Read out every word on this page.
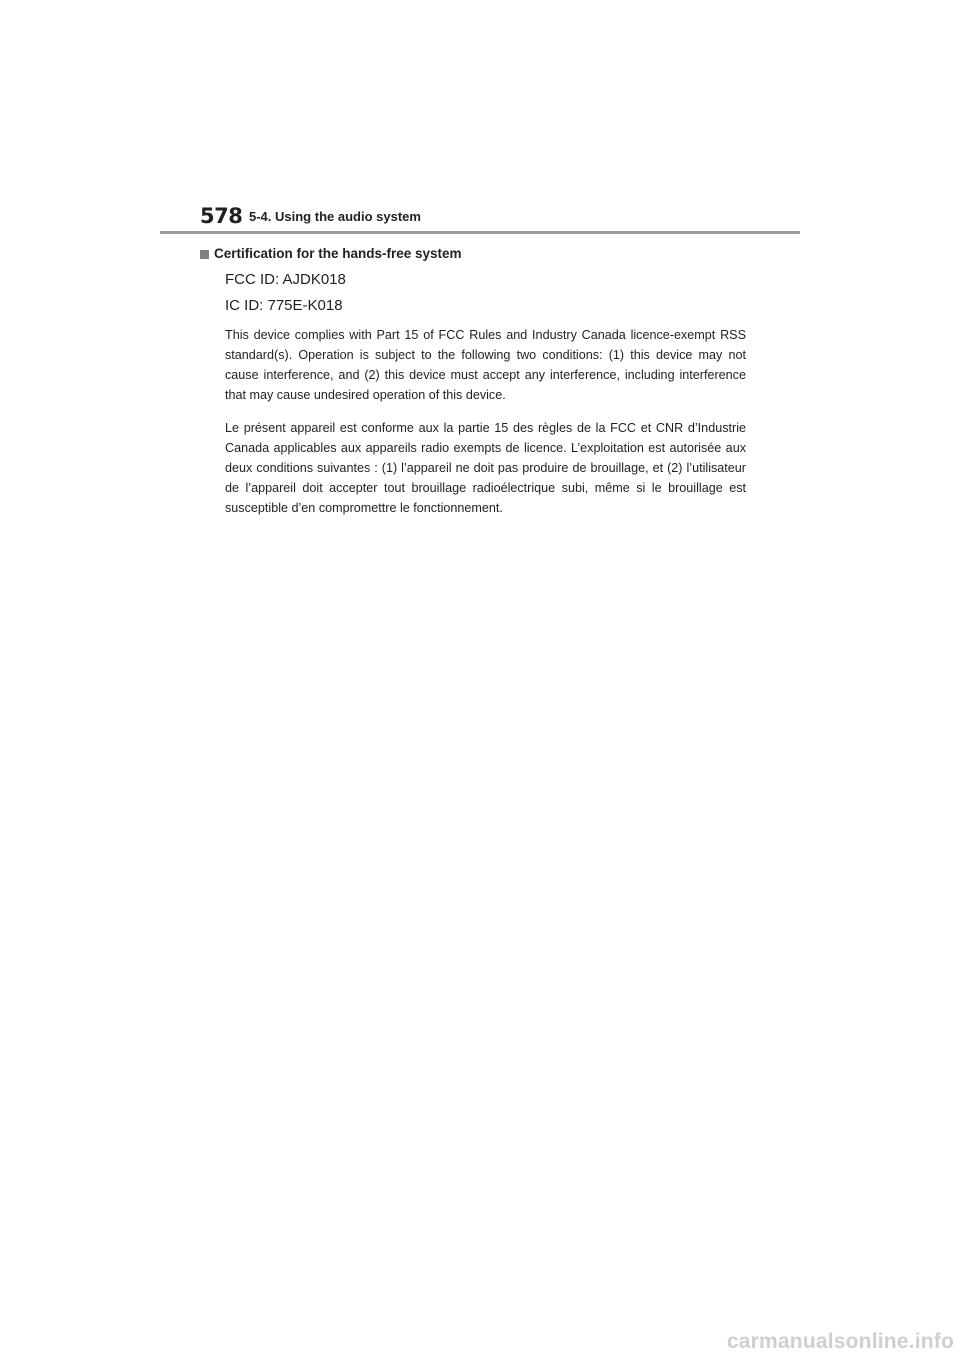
578 5-4. Using the audio system
Certification for the hands-free system
FCC ID: AJDK018
IC ID: 775E-K018

This device complies with Part 15 of FCC Rules and Industry Canada licence-exempt RSS standard(s). Operation is subject to the following two conditions: (1) this device may not cause interference, and (2) this device must accept any interference, including interference that may cause undesired operation of this device.

Le présent appareil est conforme aux la partie 15 des règles de la FCC et CNR d’Industrie Canada applicables aux appareils radio exempts de licence. L’exploitation est autorisée aux deux conditions suivantes : (1) l’appareil ne doit pas produire de brouillage, et (2) l’utilisateur de l’appareil doit accepter tout brouillage radioélectrique subi, même si le brouillage est susceptible d’en compromettre le fonctionnement.

carmanualsonline.info
